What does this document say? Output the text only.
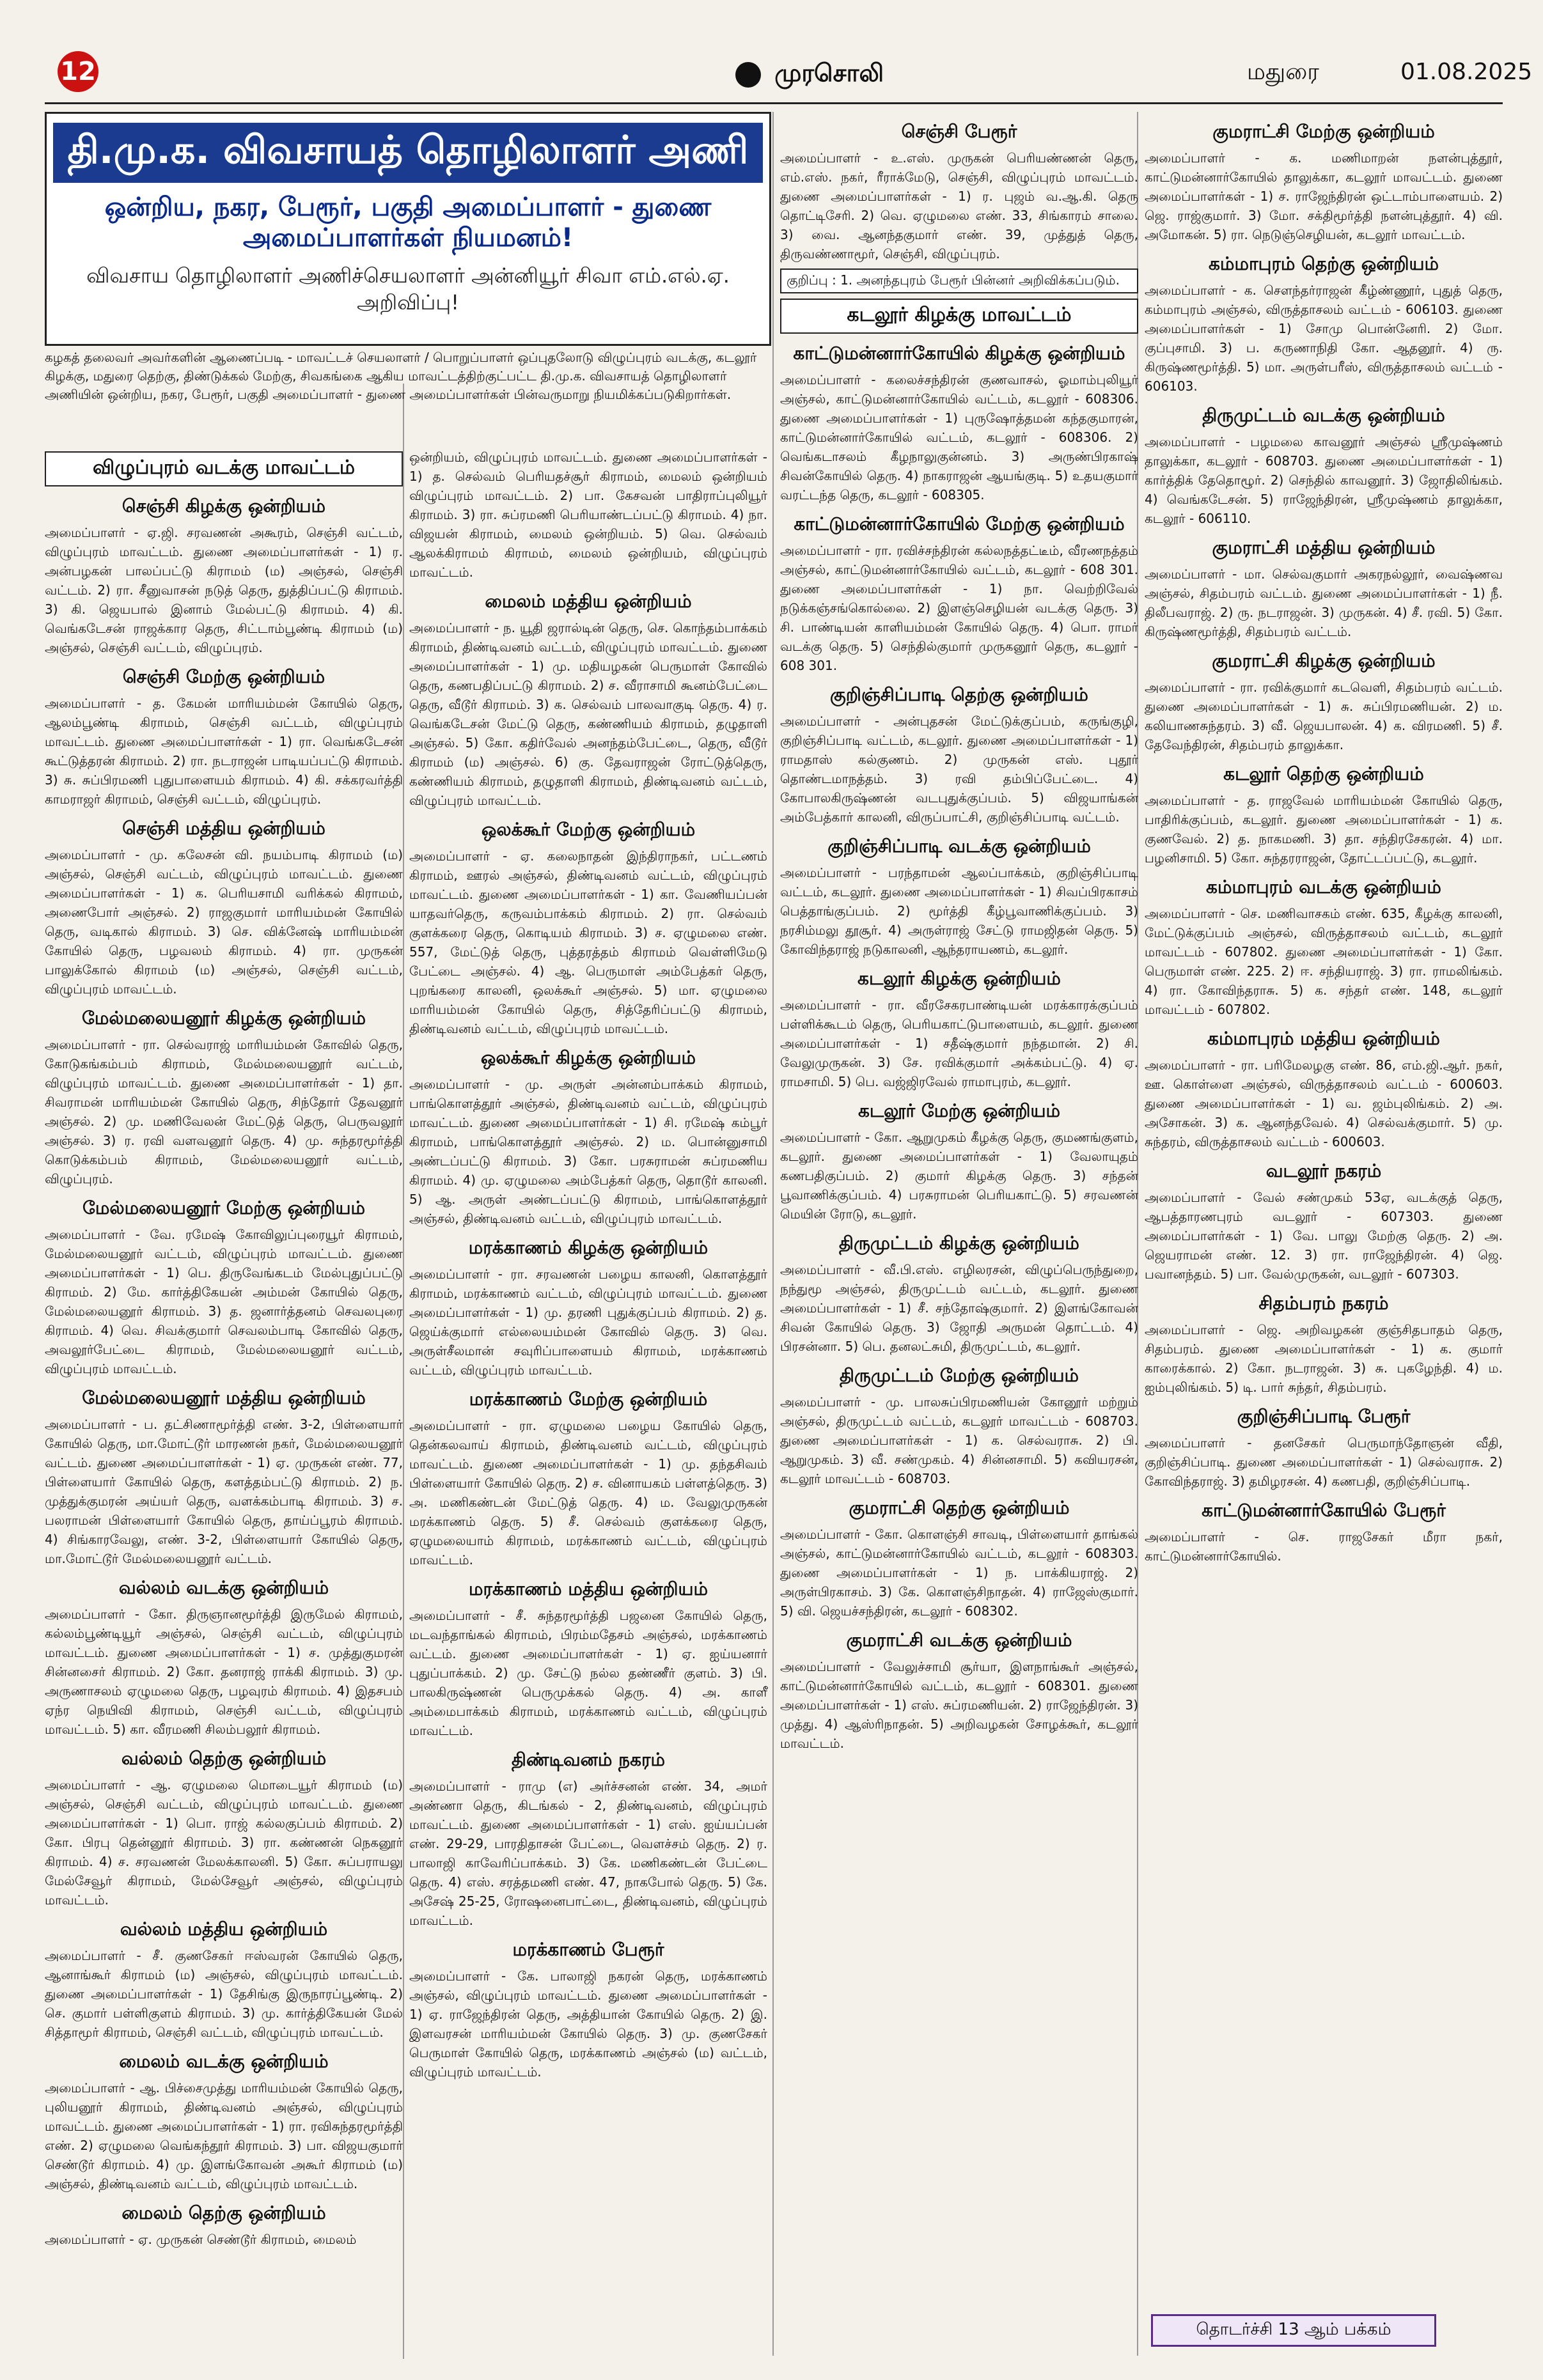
12	முரசொலி	மதுரை	01.08.2025
தி.மு.க. விவசாயத் தொழிலாளர் அணி
ஒன்றிய, நகர, பேரூர், பகுதி அமைப்பாளர் - துணை அமைப்பாளர்கள் நியமனம்!
விவசாய தொழிலாளர் அணிச்செயலாளர் அன்னியூர் சிவா எம்.எல்.ஏ. அறிவிப்பு!
கழகத் தலைவர் அவர்களின் ஆணைப்படி - மாவட்டச் செயலாளர் / பொறுப்பாளர் ஒப்புதலோடு விழுப்புரம் வடக்கு, கடலூர் கிழக்கு, மதுரை தெற்கு, திண்டுக்கல் மேற்கு, சிவகங்கை ஆகிய மாவட்டத்திற்குட்பட்ட தி.மு.க. விவசாயத் தொழிலாளர் அணியின் ஒன்றிய, நகர, பேரூர், பகுதி அமைப்பாளர் - துணை அமைப்பாளர்கள் பின்வருமாறு நியமிக்கப்படுகிறார்கள்.
விழுப்புரம் வடக்கு மாவட்டம்
செஞ்சி கிழக்கு ஒன்றியம்
அமைப்பாளர் - ஏ.ஜி. சரவணன் அகூரம், செஞ்சி வட்டம், விழுப்புரம் மாவட்டம். துணை அமைப்பாளர்கள் - 1) ர. அன்பழகன் பாலப்பட்டு கிராமம் (ம) அஞ்சல், செஞ்சி வட்டம். 2) ரா. சீனுவாசன் நடுத் தெரு, துத்திப்பட்டு கிராமம். 3) கி. ஜெயபால் இனாம் மேல்பட்டு கிராமம். 4) கி. வெங்கடேசன் ராஜக்கார தெரு, சிட்டாம்பூண்டி கிராமம் (ம) அஞ்சல், செஞ்சி வட்டம், விழுப்புரம்.
செஞ்சி மேற்கு ஒன்றியம்
அமைப்பாளர் - த. கேமன் மாரியம்மன் கோயில் தெரு, ஆலம்பூண்டி கிராமம், செஞ்சி வட்டம், விழுப்புரம் மாவட்டம். துணை அமைப்பாளர்கள் - 1) ரா. வெங்கடேசன் கூட்டுத்தரன் கிராமம். 2) ரா. நடராஜன் பாடியப்பட்டு கிராமம். 3) சு. சுப்பிரமணி புதுபாளையம் கிராமம். 4) கி. சக்கரவர்த்தி காமராஜர் கிராமம், செஞ்சி வட்டம், விழுப்புரம்.
செஞ்சி மத்திய ஒன்றியம்
அமைப்பாளர் - மு. கலேசன் வி. நயம்பாடி கிராமம் (ம) அஞ்சல், செஞ்சி வட்டம், விழுப்புரம் மாவட்டம். துணை அமைப்பாளர்கள் - 1) க. பெரியசாமி வரிக்கல் கிராமம், அணைபோர் அஞ்சல். 2) ராஜகுமார் மாரியம்மன் கோயில் தெரு, வடிகால் கிராமம். 3) செ. விக்னேஷ் மாரியம்மன் கோயில் தெரு, பழவலம் கிராமம். 4) ரா. முருகன் பாலுக்கோல் கிராமம் (ம) அஞ்சல், செஞ்சி வட்டம், விழுப்புரம் மாவட்டம்.
மேல்மலையனூர் கிழக்கு ஒன்றியம்
அமைப்பாளர் - ரா. செல்வராஜ் மாரியம்மன் கோவில் தெரு, கோடுகங்கம்பம் கிராமம், மேல்மலையனூர் வட்டம், விழுப்புரம் மாவட்டம். துணை அமைப்பாளர்கள் - 1) தா. சிவராமன் மாரியம்மன் கோயில் தெரு, சிந்தோர் தேவனூர் அஞ்சல். 2) மு. மணிவேலன் மேட்டுத் தெரு, பெருவலூர் அஞ்சல். 3) ர. ரவி வளவனூர் தெரு. 4) மு. சுந்தரமூர்த்தி கொடுக்கம்பம் கிராமம், மேல்மலையனூர் வட்டம், விழுப்புரம்.
மேல்மலையனூர் மேற்கு ஒன்றியம்
அமைப்பாளர் - வே. ரமேஷ் கோவிலுப்புரையூர் கிராமம், மேல்மலையனூர் வட்டம், விழுப்புரம் மாவட்டம். துணை அமைப்பாளர்கள் - 1) பெ. திருவேங்கடம் மேல்புதுப்பட்டு கிராமம். 2) மே. கார்த்திகேயன் அம்மன் கோயில் தெரு, மேல்மலையனூர் கிராமம். 3) த. ஜனார்த்தனம் செவலபுரை கிராமம். 4) வெ. சிவக்குமார் செவலம்பாடி கோவில் தெரு, அவலூர்பேட்டை கிராமம், மேல்மலையனூர் வட்டம், விழுப்புரம் மாவட்டம்.
மேல்மலையனூர் மத்திய ஒன்றியம்
அமைப்பாளர் - ப. தட்சிணாமூர்த்தி எண். 3-2, பிள்ளையார் கோயில் தெரு, மா.மோட்டூர் மாரணன் நகர், மேல்மலையனூர் வட்டம். துணை அமைப்பாளர்கள் - 1) ஏ. முருகன் எண். 77, பிள்ளையார் கோயில் தெரு, களத்தம்பட்டு கிராமம். 2) ந. முத்துக்குமரன் அய்யர் தெரு, வளக்கம்பாடி கிராமம். 3) ச. பலராமன் பிள்ளையார் கோயில் தெரு, தாய்ப்பூரம் கிராமம். 4) சிங்காரவேலு, எண். 3-2, பிள்ளையார் கோயில் தெரு, மா.மோட்டூர் மேல்மலையனூர் வட்டம்.
வல்லம் வடக்கு ஒன்றியம்
அமைப்பாளர் - கோ. திருஞானமூர்த்தி இருமேல் கிராமம், கல்லம்பூண்டியூர் அஞ்சல், செஞ்சி வட்டம், விழுப்புரம் மாவட்டம். துணை அமைப்பாளர்கள் - 1) ச. முத்துகுமரன் சின்னசைர் கிராமம். 2) கோ. தனராஜ் ராக்கி கிராமம். 3) மு. அருணாசலம் ஏழுமலை தெரு, பழவுரம் கிராமம். 4) இதசபம் ஏந்ர நெயிவி கிராமம், செஞ்சி வட்டம், விழுப்புரம் மாவட்டம். 5) கா. வீரமணி சிலம்பலூர் கிராமம்.
வல்லம் தெற்கு ஒன்றியம்
அமைப்பாளர் - ஆ. ஏழுமலை மொடையூர் கிராமம் (ம) அஞ்சல், செஞ்சி வட்டம், விழுப்புரம் மாவட்டம். துணை அமைப்பாளர்கள் - 1) பொ. ராஜ் கல்லகுப்பம் கிராமம். 2) கோ. பிரபு தென்னூர் கிராமம். 3) ரா. கண்ணன் நெகனூர் கிராமம். 4) ச. சரவணன் மேலக்காலனி. 5) கோ. சுப்பராயலு மேல்சேவூர் கிராமம், மேல்சேவூர் அஞ்சல், விழுப்புரம் மாவட்டம்.
வல்லம் மத்திய ஒன்றியம்
அமைப்பாளர் - சீ. குணசேகர் ஈஸ்வரன் கோயில் தெரு, ஆனாங்கூர் கிராமம் (ம) அஞ்சல், விழுப்புரம் மாவட்டம். துணை அமைப்பாளர்கள் - 1) தேசிங்கு இருநாரப்பூண்டி. 2) செ. குமார் பள்ளிகுளம் கிராமம். 3) மு. கார்த்திகேயன் மேல் சித்தாமூர் கிராமம், செஞ்சி வட்டம், விழுப்புரம் மாவட்டம்.
மைலம் வடக்கு ஒன்றியம்
அமைப்பாளர் - ஆ. பிச்சைமுத்து மாரியம்மன் கோயில் தெரு, புலியனூர் கிராமம், திண்டிவனம் அஞ்சல், விழுப்புரம் மாவட்டம். துணை அமைப்பாளர்கள் - 1) ரா. ரவிசுந்தரமூர்த்தி எண். 2) ஏழுமலை வெங்கந்தூர் கிராமம். 3) பா. விஜயகுமார் செண்டூர் கிராமம். 4) மு. இளங்கோவன் அகூர் கிராமம் (ம) அஞ்சல், திண்டிவனம் வட்டம், விழுப்புரம் மாவட்டம்.
மைலம் தெற்கு ஒன்றியம்
அமைப்பாளர் - ஏ. முருகன் செண்டூர் கிராமம், மைலம்
ஒன்றியம், விழுப்புரம் மாவட்டம். துணை அமைப்பாளர்கள் - 1) த. செல்வம் பெரியதச்சூர் கிராமம், மைலம் ஒன்றியம் விழுப்புரம் மாவட்டம். 2) பா. கேசவன் பாதிராப்புலியூர் கிராமம். 3) ரா. சுப்ரமணி பெரியாண்டப்பட்டு கிராமம். 4) நா. விஜயன் கிராமம், மைலம் ஒன்றியம். 5) வெ. செல்வம் ஆலக்கிராமம் கிராமம், மைலம் ஒன்றியம், விழுப்புரம் மாவட்டம்.
மைலம் மத்திய ஒன்றியம்
அமைப்பாளர் - ந. யூதி ஜரால்டின் தெரு, செ. கொந்தம்பாக்கம் கிராமம், திண்டிவனம் வட்டம், விழுப்புரம் மாவட்டம். துணை அமைப்பாளர்கள் - 1) மு. மதியழகன் பெருமாள் கோவில் தெரு, கணபதிப்பட்டு கிராமம். 2) ச. வீராசாமி கூனம்பேட்டை தெரு, வீடூர் கிராமம். 3) க. செல்வம் பாலவாகுடி தெரு. 4) ர. வெங்கடேசன் மேட்டு தெரு, கண்ணியம் கிராமம், தழுதாளி அஞ்சல். 5) கோ. கதிர்வேல் அனந்தம்பேட்டை, தெரு, வீடூர் கிராமம் (ம) அஞ்சல். 6) கு. தேவராஜன் ரோட்டுத்தெரு, கண்ணியம் கிராமம், தழுதாளி கிராமம், திண்டிவனம் வட்டம், விழுப்புரம் மாவட்டம்.
ஒலக்கூர் மேற்கு ஒன்றியம்
அமைப்பாளர் - ஏ. கலைநாதன் இந்திராநகர், பட்டணம் கிராமம், ஊரல் அஞ்சல், திண்டிவனம் வட்டம், விழுப்புரம் மாவட்டம். துணை அமைப்பாளர்கள் - 1) கா. வேணியப்பன் யாதவர்தெரு, கருவம்பாக்கம் கிராமம். 2) ரா. செல்வம் குளக்கரை தெரு, கொடியம் கிராமம். 3) ச. ஏழுமலை எண். 557, மேட்டுத் தெரு, புத்தரத்தம் கிராமம் வெள்ளிமேடு பேட்டை அஞ்சல். 4) ஆ. பெருமாள் அம்பேத்கர் தெரு, புறங்கரை காலனி, ஒலக்கூர் அஞ்சல். 5) மா. ஏழுமலை மாரியம்மன் கோயில் தெரு, சித்தேரிப்பட்டு கிராமம், திண்டிவனம் வட்டம், விழுப்புரம் மாவட்டம்.
ஒலக்கூர் கிழக்கு ஒன்றியம்
அமைப்பாளர் - மு. அருள் அன்னம்பாக்கம் கிராமம், பாங்கொளத்தூர் அஞ்சல், திண்டிவனம் வட்டம், விழுப்புரம் மாவட்டம். துணை அமைப்பாளர்கள் - 1) சி. ரமேஷ் கம்பூர் கிராமம், பாங்கொளத்தூர் அஞ்சல். 2) ம. பொன்னுசாமி அண்டப்பட்டு கிராமம். 3) கோ. பரசுராமன் சுப்ரமணிய கிராமம். 4) மு. ஏழுமலை அம்பேத்கர் தெரு, தொடூர் காலனி. 5) ஆ. அருள் அண்டப்பட்டு கிராமம், பாங்கொளத்தூர் அஞ்சல், திண்டிவனம் வட்டம், விழுப்புரம் மாவட்டம்.
மரக்காணம் கிழக்கு ஒன்றியம்
அமைப்பாளர் - ரா. சரவணன் பழைய காலனி, கொளத்தூர் கிராமம், மரக்காணம் வட்டம், விழுப்புரம் மாவட்டம். துணை அமைப்பாளர்கள் - 1) மு. தரணி புதுக்குப்பம் கிராமம். 2) த. ஜெய்க்குமார் எல்லையம்மன் கோவில் தெரு. 3) வெ. அருள்சீலமான் சவுரிப்பாளையம் கிராமம், மரக்காணம் வட்டம், விழுப்புரம் மாவட்டம்.
மரக்காணம் மேற்கு ஒன்றியம்
அமைப்பாளர் - ரா. ஏழுமலை பழைய கோயில் தெரு, தென்கலவாய் கிராமம், திண்டிவனம் வட்டம், விழுப்புரம் மாவட்டம். துணை அமைப்பாளர்கள் - 1) மு. தந்தசிவம் பிள்ளையார் கோயில் தெரு. 2) ச. வினாயகம் பள்ளத்தெரு. 3) அ. மணிகண்டன் மேட்டுத் தெரு. 4) ம. வேலுமுருகன் மரக்காணம் தெரு. 5) சீ. செல்வம் குளக்கரை தெரு, ஏழுமலையாம் கிராமம், மரக்காணம் வட்டம், விழுப்புரம் மாவட்டம்.
மரக்காணம் மத்திய ஒன்றியம்
அமைப்பாளர் - சீ. சுந்தரமூர்த்தி பஜனை கோயில் தெரு, மடவந்தாங்கல் கிராமம், பிரம்மதேசம் அஞ்சல், மரக்காணம் வட்டம். துணை அமைப்பாளர்கள் - 1) ஏ. ஐய்யனார் புதுப்பாக்கம். 2) மு. சேட்டு நல்ல தண்ணீர் குளம். 3) பி. பாலகிருஷ்ணன் பெருமுக்கல் தெரு. 4) அ. காளீ அம்மைபாக்கம் கிராமம், மரக்காணம் வட்டம், விழுப்புரம் மாவட்டம்.
திண்டிவனம் நகரம்
அமைப்பாளர் - ராமு (எ) அர்ச்சனன் எண். 34, அமர் அண்ணா தெரு, கிடங்கல் - 2, திண்டிவனம், விழுப்புரம் மாவட்டம். துணை அமைப்பாளர்கள் - 1) எஸ். ஐய்யப்பன் எண். 29-29, பாரதிதாசன் பேட்டை, வெளச்சம் தெரு. 2) ர. பாலாஜி காவேரிப்பாக்கம். 3) கே. மணிகண்டன் பேட்டை தெரு. 4) எஸ். சரத்தமணி எண். 47, நாகபோல் தெரு. 5) கே. அசேஷ் 25-25, ரோஷனைபாட்டை, திண்டிவனம், விழுப்புரம் மாவட்டம்.
மரக்காணம் பேரூர்
அமைப்பாளர் - கே. பாலாஜி நகரன் தெரு, மரக்காணம் அஞ்சல், விழுப்புரம் மாவட்டம். துணை அமைப்பாளர்கள் - 1) ஏ. ராஜேந்திரன் தெரு, அத்தியான் கோயில் தெரு. 2) இ. இளவரசன் மாரியம்மன் கோயில் தெரு. 3) மு. குணசேகர் பெருமாள் கோயில் தெரு, மரக்காணம் அஞ்சல் (ம) வட்டம், விழுப்புரம் மாவட்டம்.
செஞ்சி பேரூர்
அமைப்பாளர் - உ.எஸ். முருகன் பெரியண்ணன் தெரு, எம்.எஸ். நகர், ரீராக்மேடு, செஞ்சி, விழுப்புரம் மாவட்டம். துணை அமைப்பாளர்கள் - 1) ர. புஜம் வ.ஆ.கி. தெரு தொட்டிசேரி. 2) வெ. ஏழுமலை எண். 33, சிங்காரம் சாலை. 3) வை. ஆனந்தகுமார் எண். 39, முத்துத் தெரு, திருவண்ணாமூர், செஞ்சி, விழுப்புரம்.
குறிப்பு : 1. அனந்தபுரம் பேரூர் பின்னர் அறிவிக்கப்படும்.
கடலூர் கிழக்கு மாவட்டம்
காட்டுமன்னார்கோயில் கிழக்கு ஒன்றியம்
அமைப்பாளர் - கலைச்சந்திரன் குணவாசல், ஓமாம்புலியூர் அஞ்சல், காட்டுமன்னார்கோயில் வட்டம், கடலூர் - 608306. துணை அமைப்பாளர்கள் - 1) புருஷோத்தமன் கந்தகுமாரன், காட்டுமன்னார்கோயில் வட்டம், கடலூர் - 608306. 2) வெங்கடாசலம் கீழநாலுகுன்னம். 3) அருண்பிரகாஷ் சிவன்கோயில் தெரு. 4) நாகராஜன் ஆயங்குடி. 5) உதயகுமார் வரட்டந்த தெரு, கடலூர் - 608305.
காட்டுமன்னார்கோயில் மேற்கு ஒன்றியம்
அமைப்பாளர் - ரா. ரவிச்சந்திரன் கல்லநத்தட்டீம், வீரணநத்தம் அஞ்சல், காட்டுமன்னார்கோயில் வட்டம், கடலூர் - 608 301. துணை அமைப்பாளர்கள் - 1) நா. வெற்றிவேல் நடுக்கஞ்சங்கொல்லை. 2) இளஞ்செழியன் வடக்கு தெரு. 3) சி. பாண்டியன் காளியம்மன் கோயில் தெரு. 4) பொ. ராமர் வடக்கு தெரு. 5) செந்தில்குமார் முருகனூர் தெரு, கடலூர் - 608 301.
குறிஞ்சிப்பாடி தெற்கு ஒன்றியம்
அமைப்பாளர் - அன்புதசன் மேட்டுக்குப்பம், கருங்குழி, குறிஞ்சிப்பாடி வட்டம், கடலூர். துணை அமைப்பாளர்கள் - 1) ராமதாஸ் கல்குணம். 2) முருகன் எஸ். புதூர் தொண்டமாநத்தம். 3) ரவி தம்பிப்பேட்டை. 4) கோபாலகிருஷ்ணன் வடபுதுக்குப்பம். 5) விஜயாங்கன் அம்பேத்கார் காலனி, விருப்பாட்சி, குறிஞ்சிப்பாடி வட்டம்.
குறிஞ்சிப்பாடி வடக்கு ஒன்றியம்
அமைப்பாளர் - பரந்தாமன் ஆலப்பாக்கம், குறிஞ்சிப்பாடி வட்டம், கடலூர். துணை அமைப்பாளர்கள் - 1) சிவப்பிரகாசம் பெத்தாங்குப்பம். 2) மூர்த்தி கீழ்பூவாணிக்குப்பம். 3) நரசிம்மலு தூசூர். 4) அருள்ராஜ் சேட்டு ராமஜிதன் தெரு. 5) கோவிந்தராஜ் நடுகாலனி, ஆந்தராயணம், கடலூர்.
கடலூர் கிழக்கு ஒன்றியம்
அமைப்பாளர் - ரா. வீரசேகரபாண்டியன் மரக்காரக்குப்பம் பள்ளிக்கூடம் தெரு, பெரியகாட்டுபாளையம், கடலூர். துணை அமைப்பாளர்கள் - 1) சதீஷ்குமார் நந்தமான். 2) சி. வேலுமுருகன். 3) சே. ரவிக்குமார் அக்கம்பட்டு. 4) ஏ. ராமசாமி. 5) பெ. வஜ்ஜிரவேல் ராமாபுரம், கடலூர்.
கடலூர் மேற்கு ஒன்றியம்
அமைப்பாளர் - கோ. ஆறுமுகம் கீழக்கு தெரு, குமணங்குளம், கடலூர். துணை அமைப்பாளர்கள் - 1) வேலாயுதம் கணபதிகுப்பம். 2) குமார் கிழக்கு தெரு. 3) சந்தன் பூவாணிக்குப்பம். 4) பரசுராமன் பெரியகாட்டு. 5) சரவணன் மெயின் ரோடு, கடலூர்.
திருமுட்டம் கிழக்கு ஒன்றியம்
அமைப்பாளர் - வீ.பி.எஸ். எழிலரசன், விழுப்பெருந்துறை, நந்துமூ அஞ்சல், திருமுட்டம் வட்டம், கடலூர். துணை அமைப்பாளர்கள் - 1) சீ. சந்தோஷ்குமார். 2) இளங்கோவன் சிவன் கோயில் தெரு. 3) ஜோதி அருமன் தொட்டம். 4) பிரசன்னா. 5) பெ. தனலட்சுமி, திருமுட்டம், கடலூர்.
திருமுட்டம் மேற்கு ஒன்றியம்
அமைப்பாளர் - மு. பாலசுப்பிரமணியன் கோனூர் மற்றும் அஞ்சல், திருமுட்டம் வட்டம், கடலூர் மாவட்டம் - 608703. துணை அமைப்பாளர்கள் - 1) க. செல்வராசு. 2) பி. ஆறுமுகம். 3) வீ. சண்முகம். 4) சின்னசாமி. 5) கவியரசன், கடலூர் மாவட்டம் - 608703.
குமராட்சி தெற்கு ஒன்றியம்
அமைப்பாளர் - கோ. கொளஞ்சி சாவடி, பிள்ளையார் தாங்கல் அஞ்சல், காட்டுமன்னார்கோயில் வட்டம், கடலூர் - 608303. துணை அமைப்பாளர்கள் - 1) ந. பாக்கியராஜ். 2) அருள்பிரகாசம். 3) கே. கொளஞ்சிநாதன். 4) ராஜேஸ்குமார். 5) வி. ஜெயச்சந்திரன், கடலூர் - 608302.
குமராட்சி வடக்கு ஒன்றியம்
அமைப்பாளர் - வேலுச்சாமி சூர்யா, இளநாங்கூர் அஞ்சல், காட்டுமன்னார்கோயில் வட்டம், கடலூர் - 608301. துணை அமைப்பாளர்கள் - 1) எஸ். சுப்ரமணியன். 2) ராஜேந்திரன். 3) முத்து. 4) ஆஸ்ரிநாதன். 5) அறிவழகன் சோழக்கூர், கடலூர் மாவட்டம்.
குமராட்சி மேற்கு ஒன்றியம்
அமைப்பாளர் - க. மணிமாறன் நளன்புத்தூர், காட்டுமன்னார்கோயில் தாலுக்கா, கடலூர் மாவட்டம். துணை அமைப்பாளர்கள் - 1) ச. ராஜேந்திரன் ஒட்டாம்பாளையம். 2) ஜெ. ராஜ்குமார். 3) மோ. சக்திமூர்த்தி நளன்புத்தூர். 4) வி. அமோகன். 5) ரா. நெடுஞ்செழியன், கடலூர் மாவட்டம்.
கம்மாபுரம் தெற்கு ஒன்றியம்
அமைப்பாளர் - க. சௌந்தர்ராஜன் கீழ்ண்ணூர், புதுத் தெரு, கம்மாபுரம் அஞ்சல், விருத்தாசலம் வட்டம் - 606103. துணை அமைப்பாளர்கள் - 1) சோமு பொன்னேரி. 2) மோ. குப்புசாமி. 3) ப. கருணாநிதி கோ. ஆதனூர். 4) ரு. கிருஷ்ணமூர்த்தி. 5) மா. அருள்பரீஸ், விருத்தாசலம் வட்டம் - 606103.
திருமுட்டம் வடக்கு ஒன்றியம்
அமைப்பாளர் - பழமலை காவனூர் அஞ்சல் ஸ்ரீமுஷ்ணம் தாலுக்கா, கடலூர் - 608703. துணை அமைப்பாளர்கள் - 1) கார்த்திக் தேதொழூர். 2) செந்தில் காவனூர். 3) ஜோதிலிங்கம். 4) வெங்கடேசன். 5) ராஜேந்திரன், ஸ்ரீமுஷ்ணம் தாலுக்கா, கடலூர் - 606110.
குமராட்சி மத்திய ஒன்றியம்
அமைப்பாளர் - மா. செல்வகுமார் அகரநல்லூர், வைஷ்ணவ அஞ்சல், சிதம்பரம் வட்டம். துணை அமைப்பாளர்கள் - 1) நீ. திலீபவராஜ். 2) ரு. நடராஜன். 3) முருகன். 4) சீ. ரவி. 5) கோ. கிருஷ்ணமூர்த்தி, சிதம்பரம் வட்டம்.
குமராட்சி கிழக்கு ஒன்றியம்
அமைப்பாளர் - ரா. ரவிக்குமார் கடவெளி, சிதம்பரம் வட்டம். துணை அமைப்பாளர்கள் - 1) சு. சுப்பிரமணியன். 2) ம. கலியாணசுந்தரம். 3) வீ. ஜெயபாலன். 4) க. விரமணி. 5) சீ. தேவேந்திரன், சிதம்பரம் தாலுக்கா.
கடலூர் தெற்கு ஒன்றியம்
அமைப்பாளர் - த. ராஜவேல் மாரியம்மன் கோயில் தெரு, பாதிரிக்குப்பம், கடலூர். துணை அமைப்பாளர்கள் - 1) க. குணவேல். 2) த. நாகமணி. 3) தா. சந்திரசேகரன். 4) மா. பழனிசாமி. 5) கோ. சுந்தரராஜன், தோட்டப்பட்டு, கடலூர்.
கம்மாபுரம் வடக்கு ஒன்றியம்
அமைப்பாளர் - செ. மணிவாசகம் எண். 635, கீழக்கு காலனி, மேட்டுக்குப்பம் அஞ்சல், விருத்தாசலம் வட்டம், கடலூர் மாவட்டம் - 607802. துணை அமைப்பாளர்கள் - 1) கோ. பெருமாள் எண். 225. 2) ஈ. சந்தியராஜ். 3) ரா. ராமலிங்கம். 4) ரா. கோவிந்தராசு. 5) க. சந்தர் எண். 148, கடலூர் மாவட்டம் - 607802.
கம்மாபுரம் மத்திய ஒன்றியம்
அமைப்பாளர் - ரா. பரிமேலழகு எண். 86, எம்.ஜி.ஆர். நகர், ஊ. கொள்ளை அஞ்சல், விருத்தாசலம் வட்டம் - 600603. துணை அமைப்பாளர்கள் - 1) வ. ஜம்புலிங்கம். 2) அ. அசோகன். 3) க. ஆனந்தவேல். 4) செல்வக்குமார். 5) மு. சுந்தரம், விருத்தாசலம் வட்டம் - 600603.
வடலூர் நகரம்
அமைப்பாளர் - வேல் சண்முகம் 53ஏ, வடக்குத் தெரு, ஆபத்தாரணபுரம் வடலூர் - 607303. துணை அமைப்பாளர்கள் - 1) வே. பாலு மேற்கு தெரு. 2) அ. ஜெயராமன் எண். 12. 3) ரா. ராஜேந்திரன். 4) ஜெ. பவானந்தம். 5) பா. வேல்முருகன், வடலூர் - 607303.
சிதம்பரம் நகரம்
அமைப்பாளர் - ஜெ. அறிவழகன் குஞ்சிதபாதம் தெரு, சிதம்பரம். துணை அமைப்பாளர்கள் - 1) க. குமார் காரைக்கால். 2) கோ. நடராஜன். 3) சு. புகழேந்தி. 4) ம. ஐம்புலிங்கம். 5) டி. பார் சுந்தர், சிதம்பரம்.
குறிஞ்சிப்பாடி பேரூர்
அமைப்பாளர் - தனசேகர் பெருமாந்தோஞன் வீதி, குறிஞ்சிப்பாடி. துணை அமைப்பாளர்கள் - 1) செல்வராசு. 2) கோவிந்தராஜ். 3) தமிழரசன். 4) கணபதி, குறிஞ்சிப்பாடி.
காட்டுமன்னார்கோயில் பேரூர்
அமைப்பாளர் - செ. ராஜசேகர் மீரா நகர், காட்டுமன்னார்கோயில்.
தொடர்ச்சி 13 ஆம் பக்கம்
